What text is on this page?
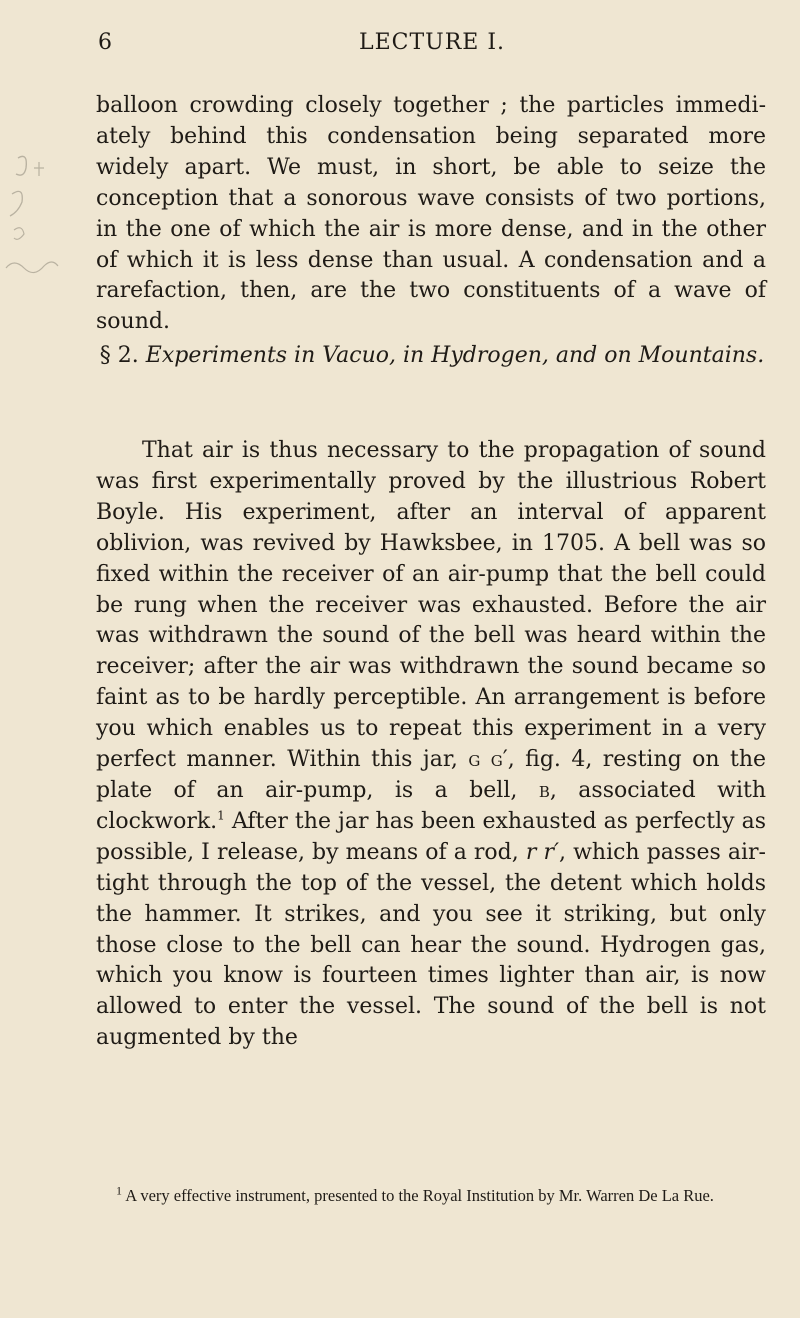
6	LECTURE I.

balloon crowding closely together ; the particles immediately behind this condensation being separated more widely apart. We must, in short, be able to seize the conception that a sonorous wave consists of two portions, in the one of which the air is more dense, and in the other of which it is less dense than usual. A condensation and a rarefaction, then, are the two constituents of a wave of sound.

§ 2. Experiments in Vacuo, in Hydrogen, and on Mountains.

That air is thus necessary to the propagation of sound was first experimentally proved by the illustrious Robert Boyle. His experiment, after an interval of apparent oblivion, was revived by Hawksbee, in 1705. A bell was so fixed within the receiver of an air-pump that the bell could be rung when the receiver was exhausted. Before the air was withdrawn the sound of the bell was heard within the receiver; after the air was withdrawn the sound became so faint as to be hardly perceptible. An arrangement is before you which enables us to repeat this experiment in a very perfect manner. Within this jar, g g′, fig. 4, resting on the plate of an air-pump, is a bell, b, associated with clockwork.$^1$ After the jar has been exhausted as perfectly as possible, I release, by means of a rod, r r′, which passes air-tight through the top of the vessel, the detent which holds the hammer. It strikes, and you see it striking, but only those close to the bell can hear the sound. Hydrogen gas, which you know is fourteen times lighter than air, is now allowed to enter the vessel. The sound of the bell is not augmented by the

$^1$ A very effective instrument, presented to the Royal Institution by Mr. Warren De La Rue.
